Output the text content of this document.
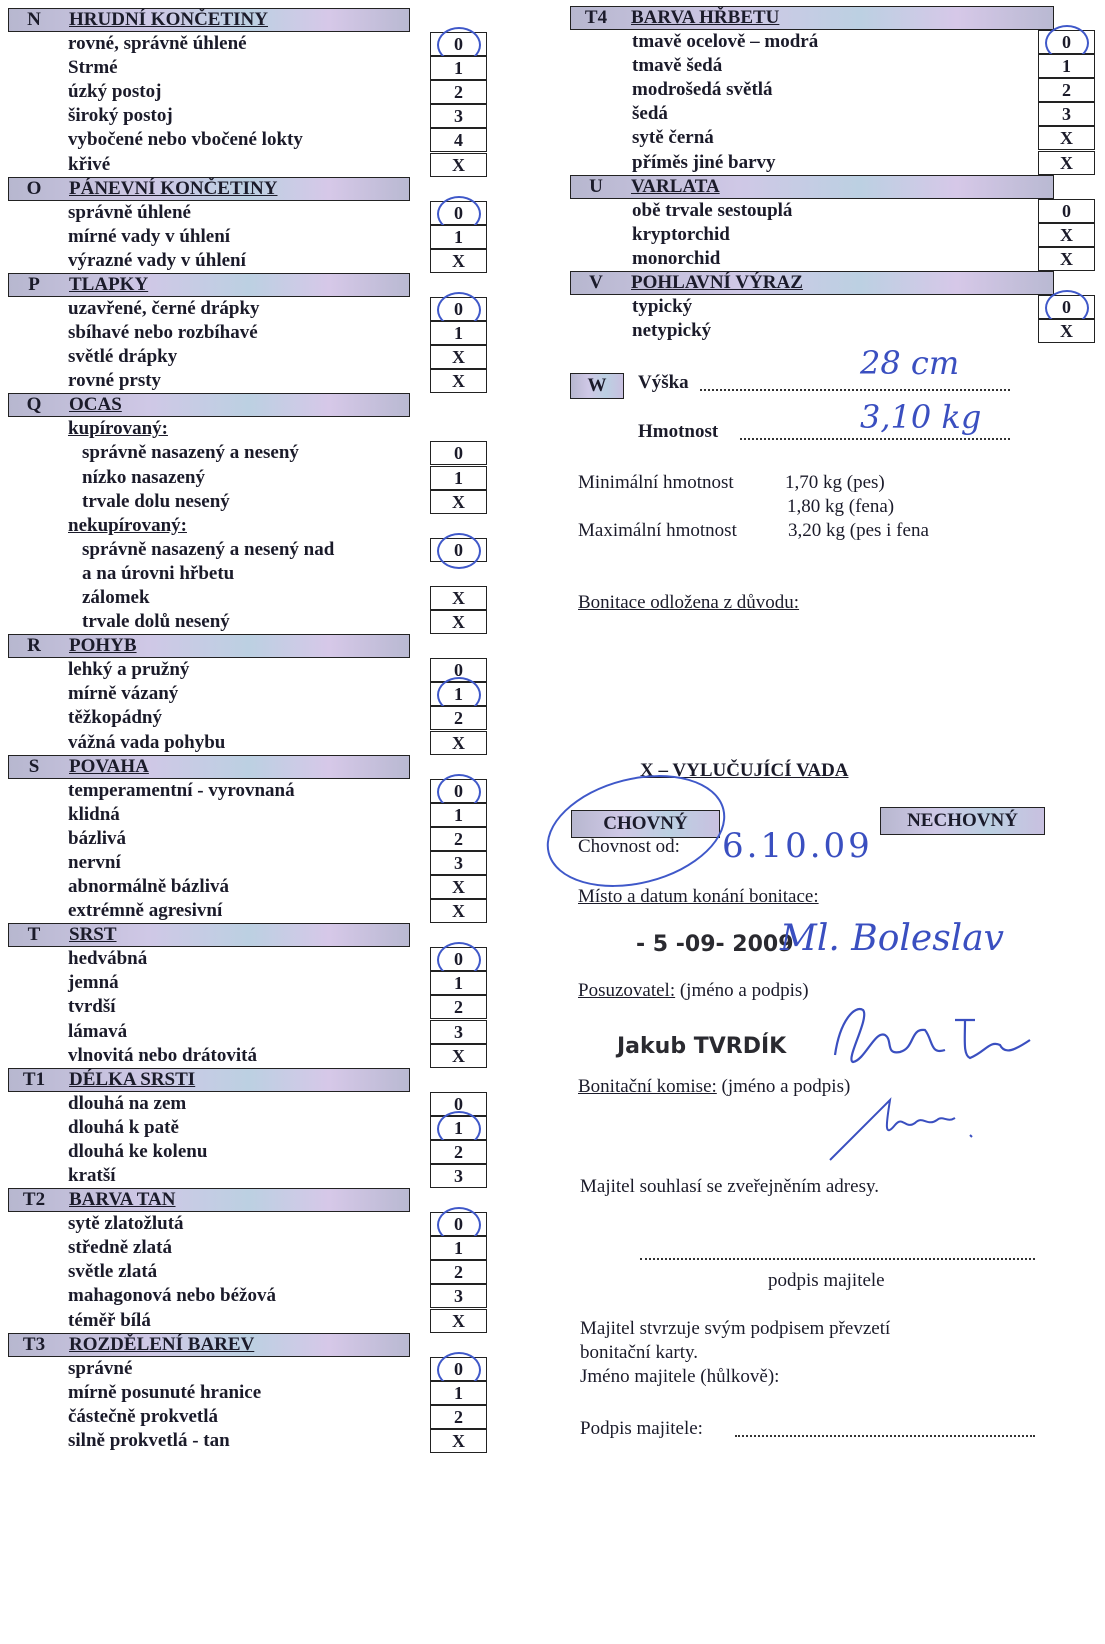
N	HRUDNÍ KONČETINY
rovné, správně úhlené	0
Strmé	1
úzký postoj	2
široký postoj	3
vybočené nebo vbočené lokty	4
křivé	X
O	PÁNEVNÍ KONČETINY
správně úhlené	0
mírné vady v úhlení	1
výrazné vady v úhlení	X
P	TLAPKY
uzavřené, černé drápky	0
sbíhavé nebo rozbíhavé	1
světlé drápky	X
rovné prsty	X
Q	OCAS
kupírovaný:
správně nasazený a nesený	0
nízko nasazený	1
trvale dolu nesený	X
nekupírovaný:
správně nasazený a nesený nad	0
a na úrovni hřbetu
zálomek	X
trvale dolů nesený	X
R	POHYB
lehký a pružný	0
mírně vázaný	1
těžkopádný	2
vážná vada pohybu	X
S	POVAHA
temperamentní - vyrovnaná	0
klidná	1
bázlivá	2
nervní	3
abnormálně bázlivá	X
extrémně agresivní	X
T	SRST
hedvábná	0
jemná	1
tvrdší	2
lámavá	3
vlnovitá nebo drátovitá	X
T1	DÉLKA SRSTI
dlouhá na zem	0
dlouhá k patě	1
dlouhá ke kolenu	2
kratší	3
T2	BARVA TAN
sytě zlatožlutá	0
středně zlatá	1
světle zlatá	2
mahagonová nebo béžová	3
téměř bílá	X
T3	ROZDĚLENÍ BAREV
správné	0
mírně posunuté hranice	1
částečně prokvetlá	2
silně prokvetlá - tan	X
T4	BARVA HŘBETU
tmavě ocelově – modrá	0
tmavě šedá	1
modrošedá světlá	2
šedá	3
sytě černá	X
příměs jiné barvy	X
U	VARLATA
obě trvale sestouplá	0
kryptorchid	X
monorchid	X
V	POHLAVNÍ VÝRAZ
typický	0
netypický	X
W	Výška
28 cm
Hmotnost	3,10 kg
Minimální hmotnost	1,70 kg (pes)
1,80 kg (fena)
Maximální hmotnost	3,20 kg (pes i fena
Bonitace odložena z důvodu:
X – VYLUČUJÍCÍ VADA
CHOVNÝ	NECHOVNÝ
Chovnost od: 6.10.09
Místo a datum konání bonitace:
- 5 -09- 2009
Ml. Boleslav
Posuzovatel: (jméno a podpis)
Jakub TVRDÍK
Bonitační komise: (jméno a podpis)
Majitel souhlasí se zveřejněním adresy.
podpis majitele
Majitel stvrzuje svým podpisem převzetí
bonitační karty.
Jméno majitele (hůlkově):
Podpis majitele:
